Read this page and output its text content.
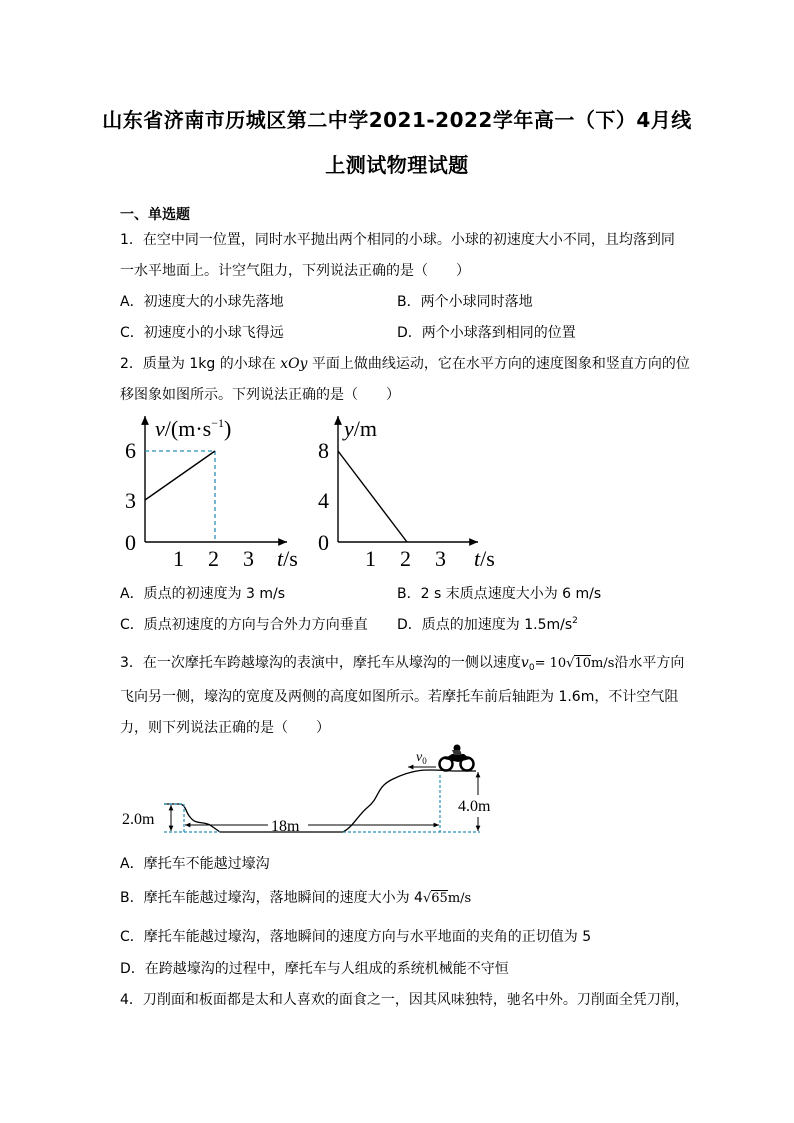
山东省济南市历城区第二中学2021-2022学年高一（下）4月线
上测试物理试题
一、单选题
1．在空中同一位置，同时水平抛出两个相同的小球。小球的初速度大小不同，且均落到同
一水平地面上。计空气阻力，下列说法正确的是（　　）
A．初速度大的小球先落地	B．两个小球同时落地
C．初速度小的小球飞得远	D．两个小球落到相同的位置
2．质量为 1kg 的小球在 xOy 平面上做曲线运动，它在水平方向的速度图象和竖直方向的位
移图象如图所示。下列说法正确的是（　　）
$v/(m\cdot s^{-1})$
6
3
0
1 2 3 t/s
y/m
8
4
0
1 2 3 t/s
A．质点的初速度为 3 m/s	B．2 s 末质点速度大小为 6 m/s
C．质点初速度的方向与合外力方向垂直 D．质点的加速度为 $1.5m/s^2$
3．在一次摩托车跨越壕沟的表演中，摩托车从壕沟的一侧以速度$v_0= 10√10m/s$沿水平方向
飞向另一侧，壕沟的宽度及两侧的高度如图所示。若摩托车前后轴距为 1.6m，不计空气阻
力，则下列说法正确的是（　　）
2.0m	18m
4.0m
$v_0$
A．摩托车不能越过壕沟
B．摩托车能越过壕沟，落地瞬间的速度大小为 4√65m/s
C．摩托车能越过壕沟，落地瞬间的速度方向与水平地面的夹角的正切值为 5
D．在跨越壕沟的过程中，摩托车与人组成的系统机械能不守恒
4．刀削面和板面都是太和人喜欢的面食之一，因其风味独特，驰名中外。刀削面全凭刀削，
